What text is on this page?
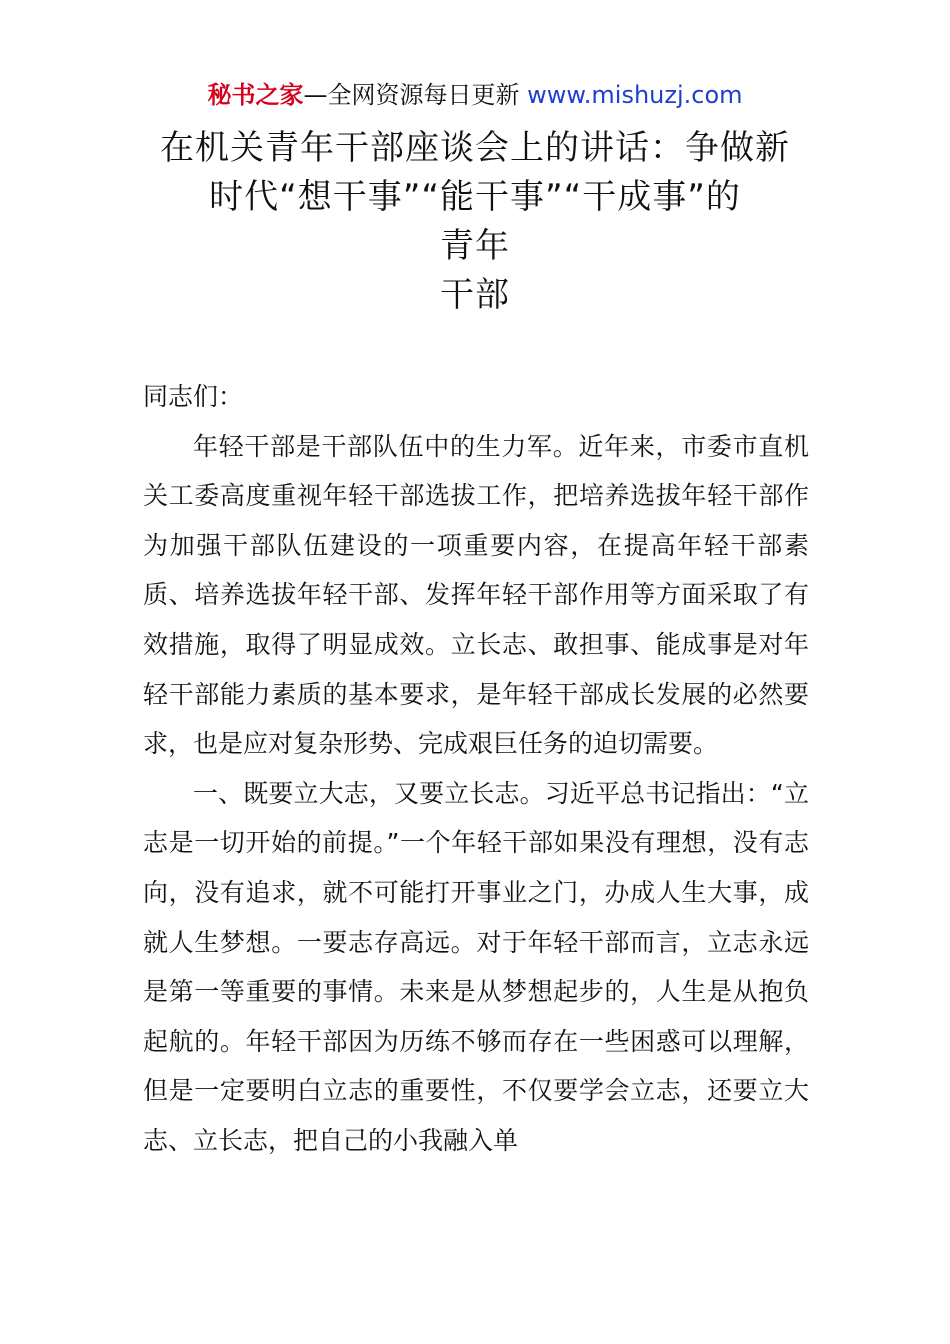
秘书之家—全网资源每日更新 www.mishuzj.com
在机关青年干部座谈会上的讲话：争做新
时代“想干事”“能干事”“干成事”的
青年
干部

同志们：

年轻干部是干部队伍中的生力军。近年来，市委市直机关工委高度重视年轻干部选拔工作，把培养选拔年轻干部作为加强干部队伍建设的一项重要内容，在提高年轻干部素质、培养选拔年轻干部、发挥年轻干部作用等方面采取了有效措施，取得了明显成效。立长志、敢担事、能成事是对年轻干部能力素质的基本要求，是年轻干部成长发展的必然要求，也是应对复杂形势、完成艰巨任务的迫切需要。

一、既要立大志，又要立长志。习近平总书记指出：“立志是一切开始的前提。”一个年轻干部如果没有理想，没有志向，没有追求，就不可能打开事业之门，办成人生大事，成就人生梦想。一要志存高远。对于年轻干部而言，立志永远是第一等重要的事情。未来是从梦想起步的，人生是从抱负起航的。年轻干部因为历练不够而存在一些困惑可以理解，但是一定要明白立志的重要性，不仅要学会立志，还要立大志、立长志，把自己的小我融入单
